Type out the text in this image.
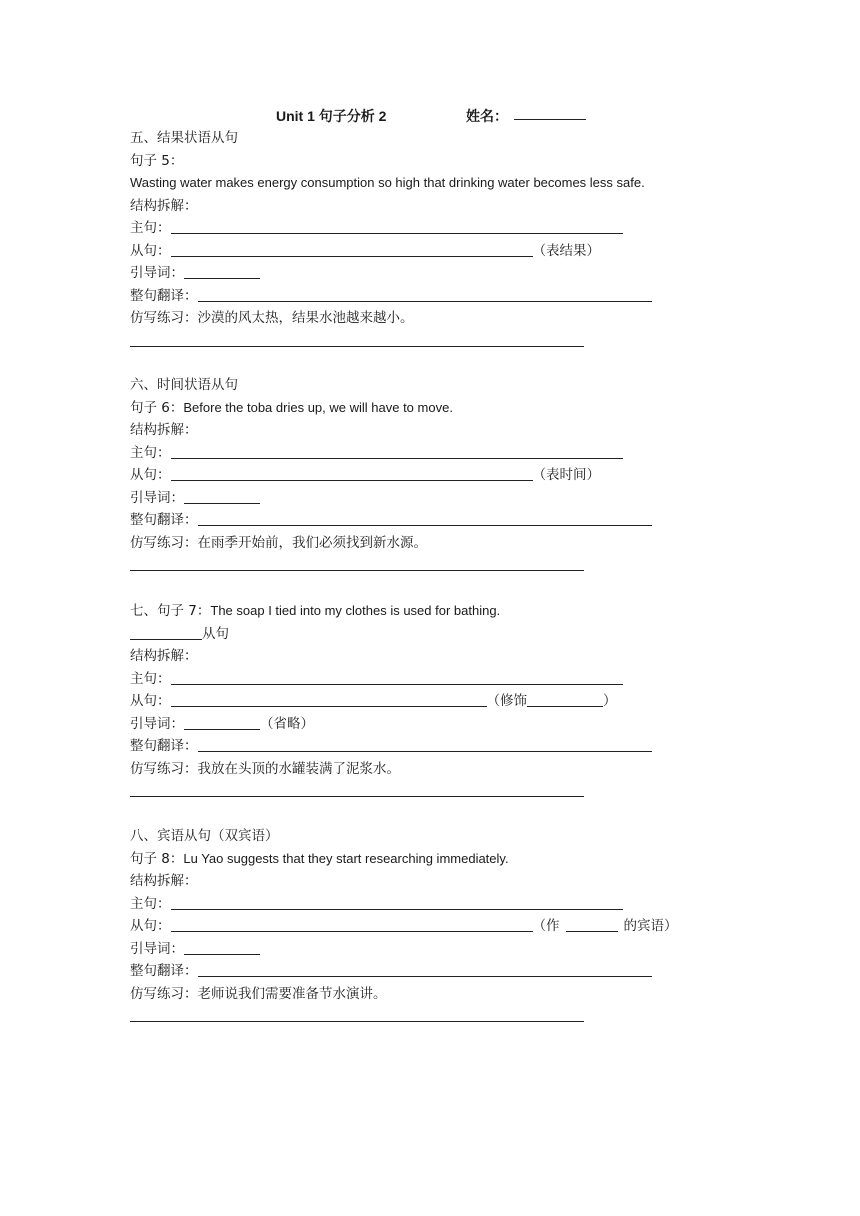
Unit 1 句子分析 2	姓名：
五、结果状语从句
句子 5：
Wasting water makes energy consumption so high that drinking water becomes less safe.
结构拆解：
主句：
从句：	（表结果）
引导词：
整句翻译：
仿写练习：沙漠的风太热，结果水池越来越小。
六、时间状语从句
句子 6：Before the toba dries up, we will have to move.
结构拆解：
主句：
从句：	（表时间）
引导词：
整句翻译：
仿写练习：在雨季开始前，我们必须找到新水源。
七、句子 7：The soap I tied into my clothes is used for bathing.
从句
结构拆解：
主句：
从句：	（修饰	）
引导词：	（省略）
整句翻译：
仿写练习：我放在头顶的水罐装满了泥浆水。
八、宾语从句（双宾语）
句子 8：Lu Yao suggests that they start researching immediately.
结构拆解：
主句：
从句：	（作	的宾语）
引导词：
整句翻译：
仿写练习：老师说我们需要准备节水演讲。
